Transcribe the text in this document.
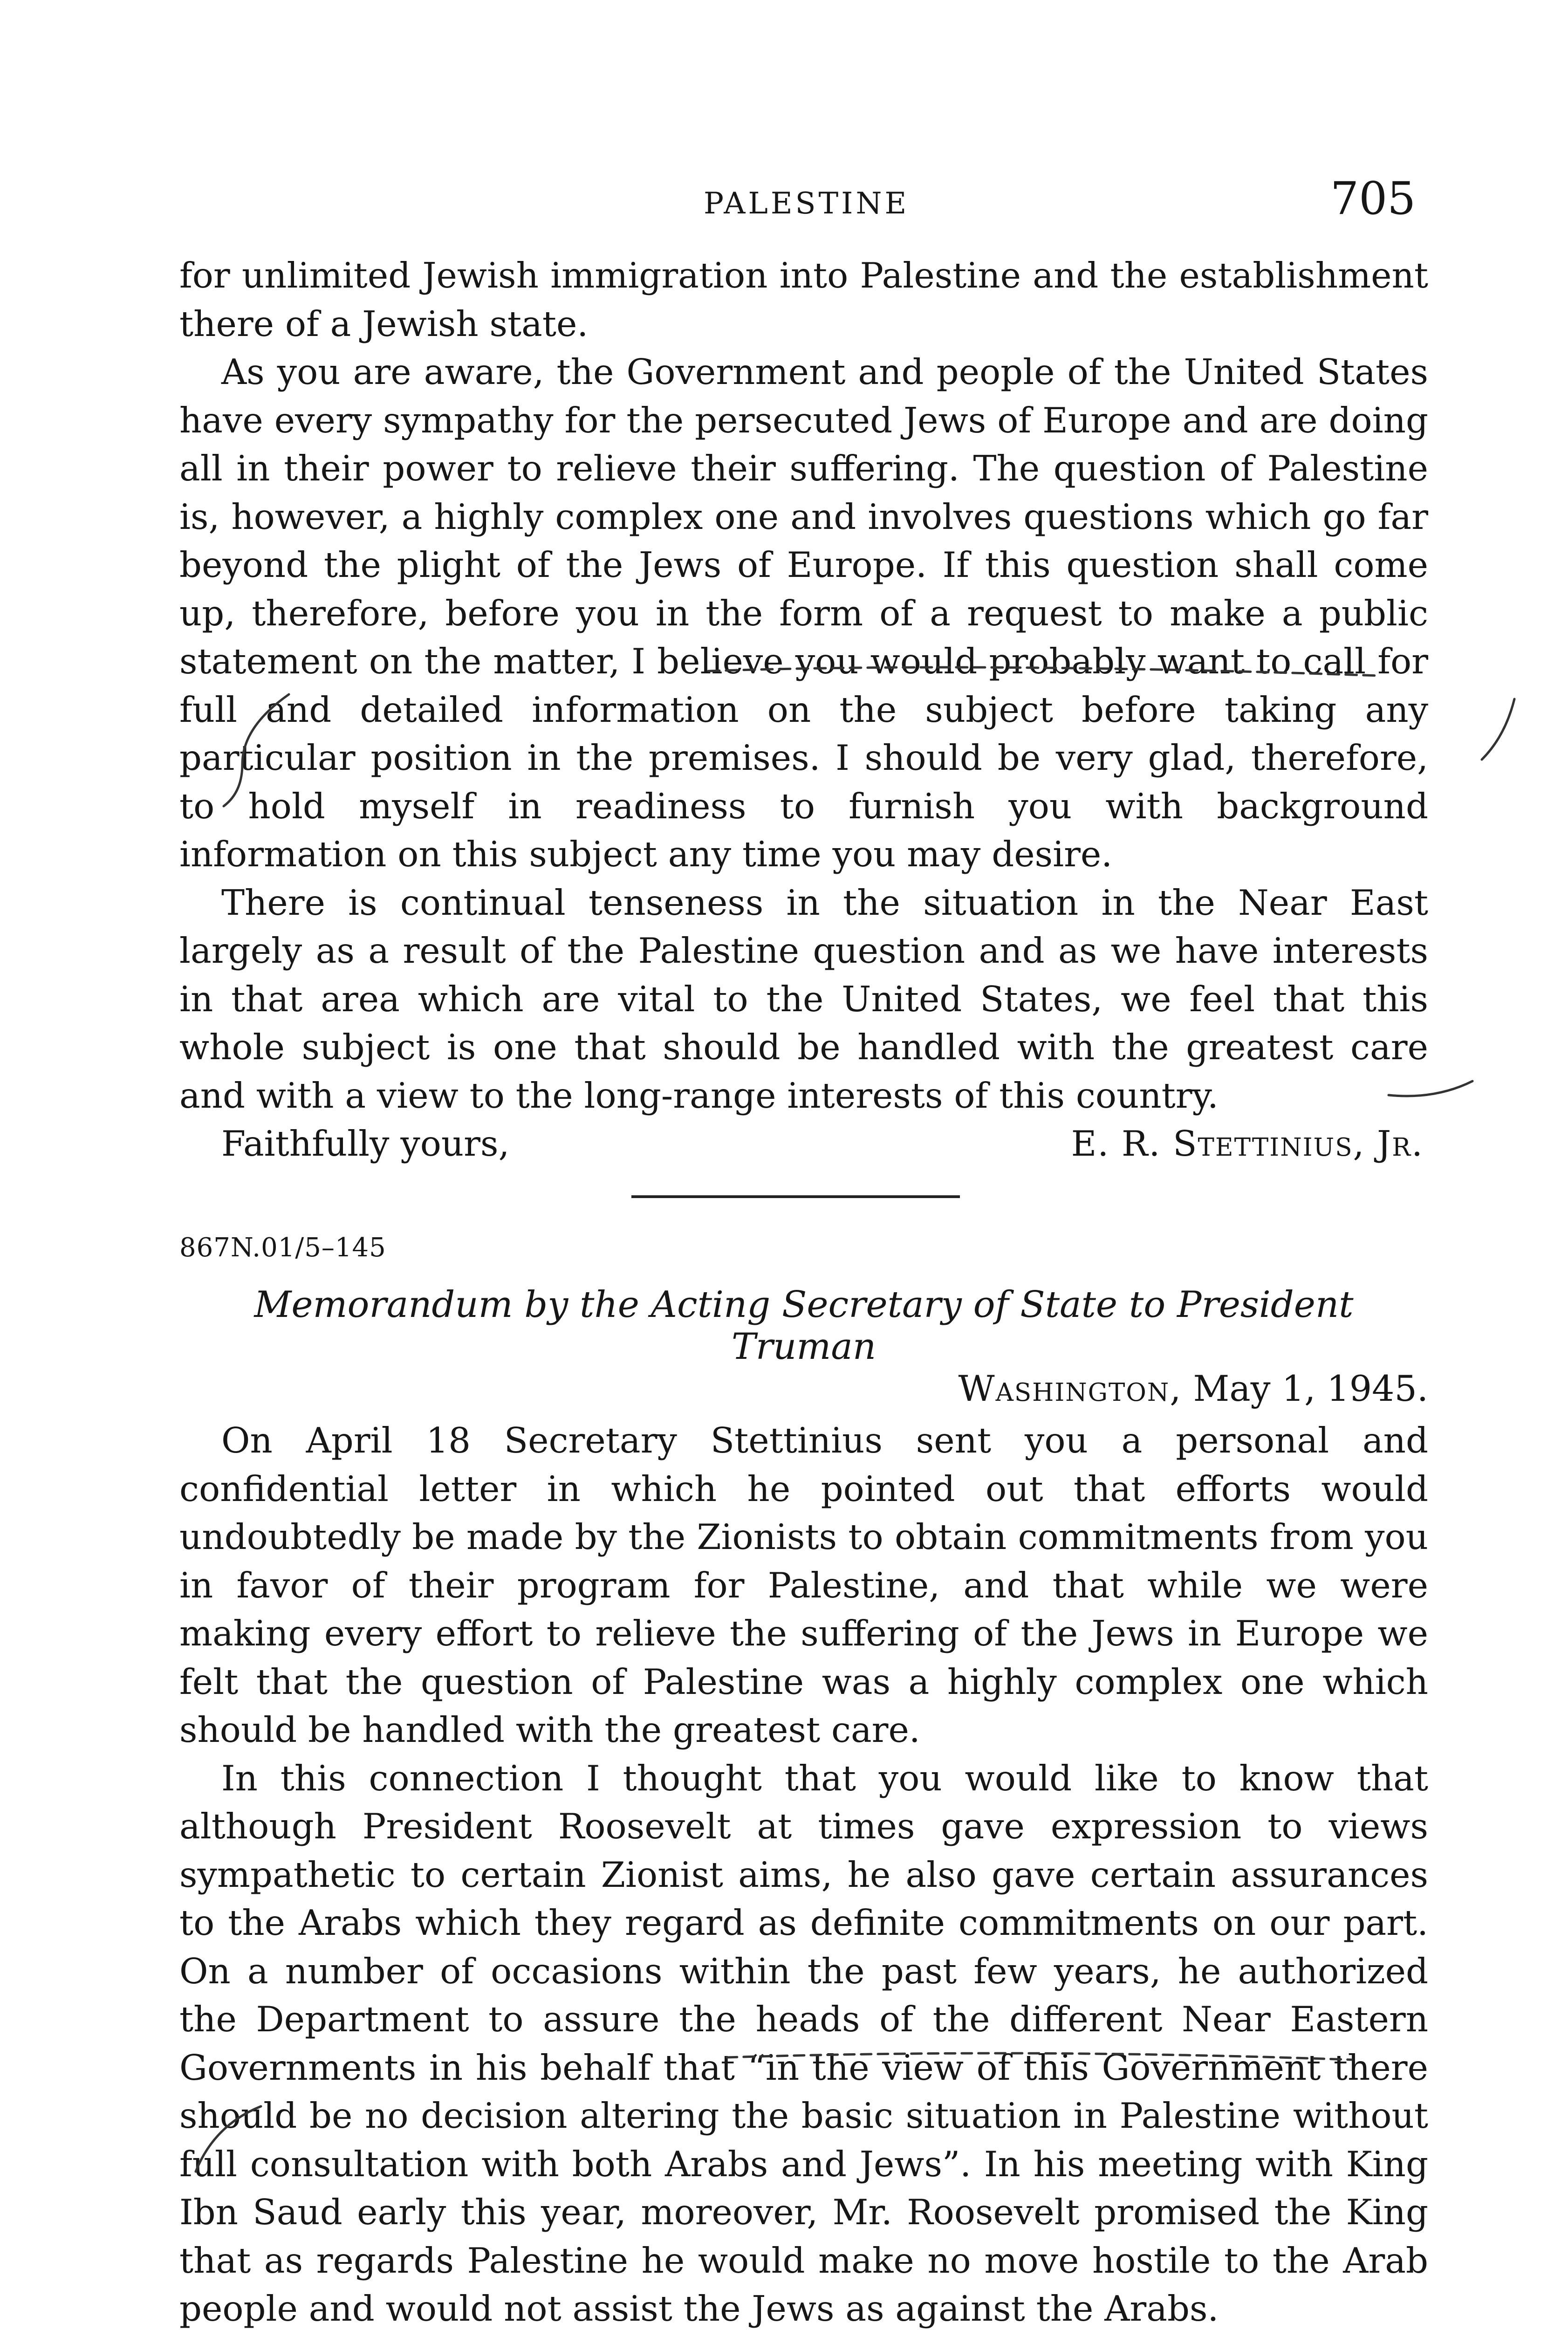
PALESTINE	705

for unlimited Jewish immigration into Palestine and the establishment there of a Jewish state.

As you are aware, the Government and people of the United States have every sympathy for the persecuted Jews of Europe and are doing all in their power to relieve their suffering. The question of Palestine is, however, a highly complex one and involves questions which go far beyond the plight of the Jews of Europe. If this question shall come up, therefore, before you in the form of a request to make a public statement on the matter, I believe you would probably want to call for full and detailed information on the subject before taking any particular position in the premises. I should be very glad, therefore, to hold myself in readiness to furnish you with background information on this subject any time you may desire.

There is continual tenseness in the situation in the Near East largely as a result of the Palestine question and as we have interests in that area which are vital to the United States, we feel that this whole subject is one that should be handled with the greatest care and with a view to the long-range interests of this country.

Faithfully yours,	E. R. Stettinius, Jr.
867N.01/5–145
Memorandum by the Acting Secretary of State to President Truman
Washington, May 1, 1945.

On April 18 Secretary Stettinius sent you a personal and confidential letter in which he pointed out that efforts would undoubtedly be made by the Zionists to obtain commitments from you in favor of their program for Palestine, and that while we were making every effort to relieve the suffering of the Jews in Europe we felt that the question of Palestine was a highly complex one which should be handled with the greatest care.

In this connection I thought that you would like to know that although President Roosevelt at times gave expression to views sympathetic to certain Zionist aims, he also gave certain assurances to the Arabs which they regard as definite commitments on our part. On a number of occasions within the past few years, he authorized the Department to assure the heads of the different Near Eastern Governments in his behalf that “in the view of this Government there should be no decision altering the basic situation in Palestine without full consultation with both Arabs and Jews”. In his meeting with King Ibn Saud early this year, moreover, Mr. Roosevelt promised the King that as regards Palestine he would make no move hostile to the Arab people and would not assist the Jews as against the Arabs.
